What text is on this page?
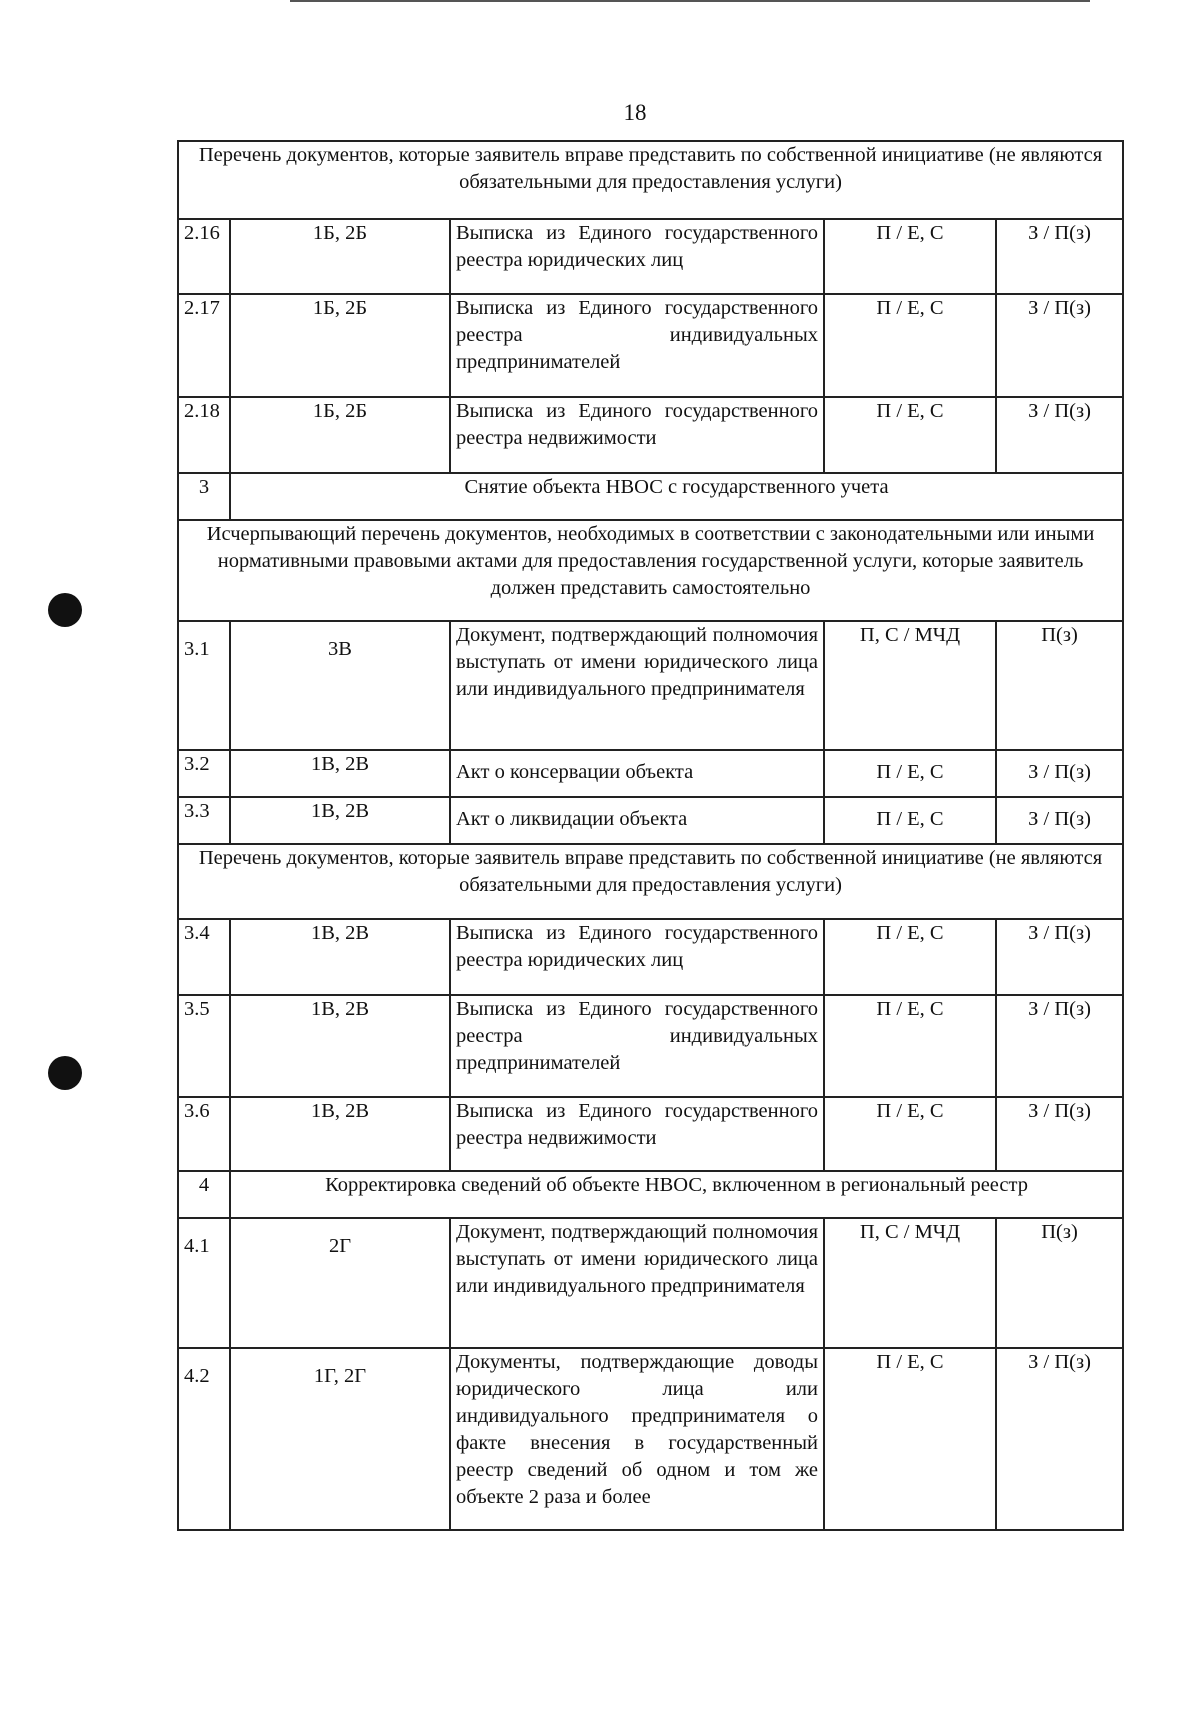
18
Перечень документов, которые заявитель вправе представить по собственной инициативе (не являются обязательными для предоставления услуги)				
2.16	1Б, 2Б	Выписка из Единого государственного реестра юридических лиц	П / Е, С	З / П(з)
2.17	1Б, 2Б	Выписка из Единого государственного реестра индивидуальных предпринимателей	П / Е, С	З / П(з)
2.18	1Б, 2Б	Выписка из Единого государственного реестра недвижимости	П / Е, С	З / П(з)
3	Снятие объекта НВОС с государственного учета			
Исчерпывающий перечень документов, необходимых в соответствии с законодательными или иными нормативными правовыми актами для предоставления государственной услуги, которые заявитель должен представить самостоятельно				
3.1	3В	Документ, подтверждающий полномочия выступать от имени юридического лица или индивидуального предпринимателя	П, С / МЧД	П(з)
3.2	1В, 2В	Акт о консервации объекта	П / Е, С	З / П(з)
3.3	1В, 2В	Акт о ликвидации объекта	П / Е, С	З / П(з)
Перечень документов, которые заявитель вправе представить по собственной инициативе (не являются обязательными для предоставления услуги)				
3.4	1В, 2В	Выписка из Единого государственного реестра юридических лиц	П / Е, С	З / П(з)
3.5	1В, 2В	Выписка из Единого государственного реестра индивидуальных предпринимателей	П / Е, С	З / П(з)
3.6	1В, 2В	Выписка из Единого государственного реестра недвижимости	П / Е, С	З / П(з)
4	Корректировка сведений об объекте НВОС, включенном в региональный реестр			
4.1	2Г	Документ, подтверждающий полномочия выступать от имени юридического лица или индивидуального предпринимателя	П, С / МЧД	П(з)
4.2	1Г, 2Г	Документы, подтверждающие доводы юридического лица или индивидуального предпринимателя о факте внесения в государственный реестр сведений об одном и том же объекте 2 раза и более	П / Е, С	З / П(з)
